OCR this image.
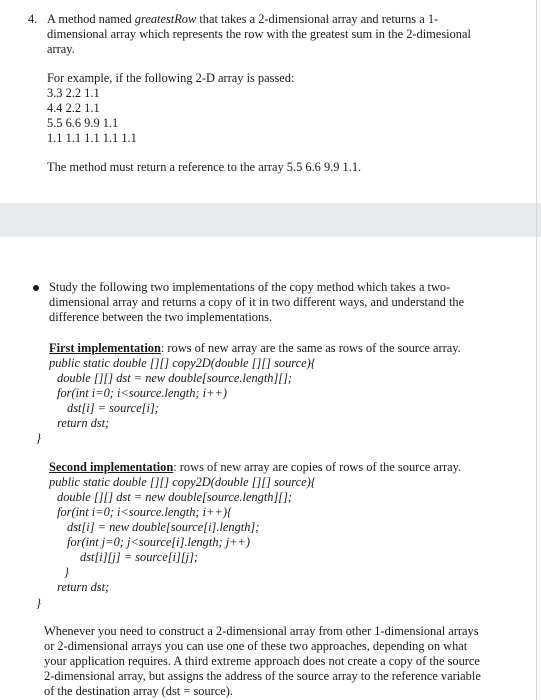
4. A method named greatestRow that takes a 2-dimensional array and returns a 1-
dimensional array which represents the row with the greatest sum in the 2-dimesional
array.
For example, if the following 2-D array is passed:
3.3 2.2 1.1
4.4 2.2 1.1
5.5 6.6 9.9 1.1
1.1 1.1 1.1 1.1 1.1
The method must return a reference to the array 5.5 6.6 9.9 1.1.
Study the following two implementations of the copy method which takes a two-
dimensional array and returns a copy of it in two different ways, and understand the
difference between the two implementations.
First implementation: rows of new array are the same as rows of the source array.
public static double [][] copy2D(double [][] source){
double [][] dst = new double[source.length][];
for(int i=0; i<source.length; i++)
dst[i] = source[i];
return dst;
}
Second implementation: rows of new array are copies of rows of the source array.
public static double [][] copy2D(double [][] source){
double [][] dst = new double[source.length][];
for(int i=0; i<source.length; i++){
dst[i] = new double[source[i].length];
for(int j=0; j<source[i].length; j++)
dst[i][j] = source[i][j];
}
return dst;
}
Whenever you need to construct a 2-dimensional array from other 1-dimensional arrays
or 2-dimensional arrays you can use one of these two approaches, depending on what
your application requires. A third extreme approach does not create a copy of the source
2-dimensional array, but assigns the address of the source array to the reference variable
of the destination array (dst = source).
